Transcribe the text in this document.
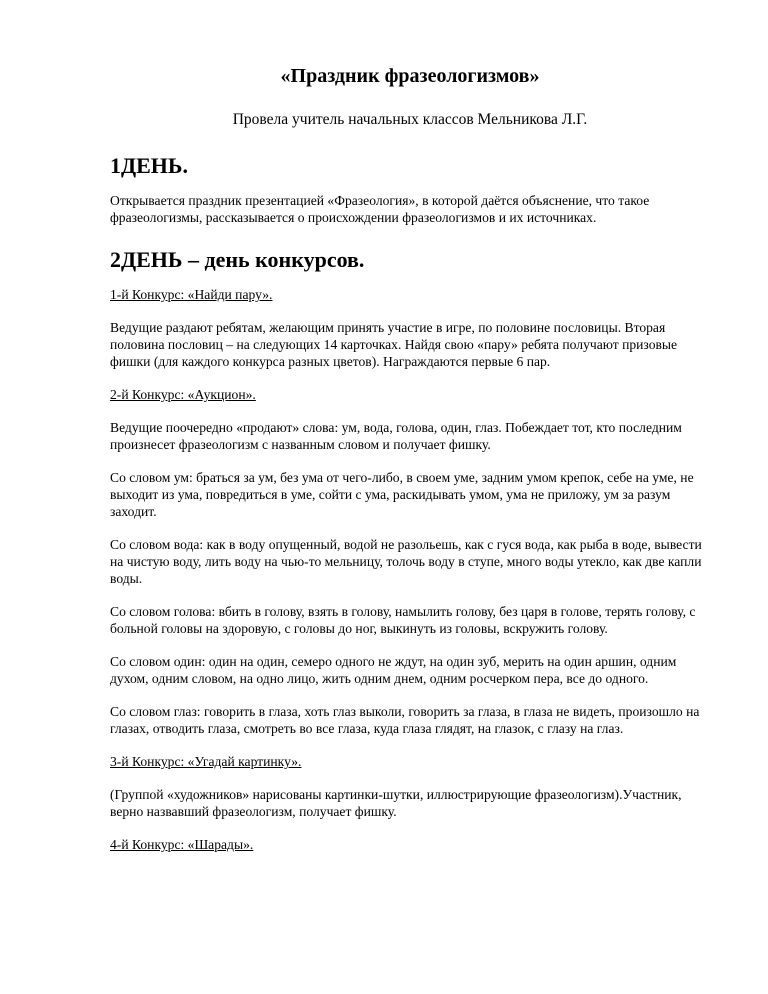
«Праздник фразеологизмов»
Провела учитель начальных классов Мельникова Л.Г.
1ДЕНЬ.

Открывается праздник презентацией «Фразеология», в которой даётся объяснение, что такое фразеологизмы, рассказывается о происхождении фразеологизмов и их источниках.

2ДЕНЬ – день конкурсов.

1-й Конкурс: «Найди пару».

Ведущие раздают ребятам, желающим принять участие в игре, по половине пословицы. Вторая половина пословиц – на следующих 14 карточках. Найдя свою «пару» ребята получают призовые фишки (для каждого конкурса разных цветов). Награждаются первые 6 пар.

2-й Конкурс: «Аукцион».

Ведущие поочередно «продают» слова: ум, вода, голова, один, глаз. Побеждает тот, кто последним произнесет фразеологизм с названным словом и получает фишку.

Со словом ум: браться за ум, без ума от чего-либо, в своем уме, задним умом крепок, себе на уме, не выходит из ума, повредиться в уме, сойти с ума, раскидывать умом, ума не приложу, ум за разум заходит.

Со словом вода: как в воду опущенный, водой не разольешь, как с гуся вода, как рыба в воде, вывести на чистую воду, лить воду на чью-то мельницу, толочь воду в ступе, много воды утекло, как две капли воды.

Со словом голова: вбить в голову, взять в голову, намылить голову, без царя в голове, терять голову, с больной головы на здоровую, с головы до ног, выкинуть из головы, вскружить голову.

Со словом один: один на один, семеро одного не ждут, на один зуб, мерить на один аршин, одним духом, одним словом, на одно лицо, жить одним днем, одним росчерком пера, все до одного.

Со словом глаз: говорить в глаза, хоть глаз выколи, говорить за глаза, в глаза не видеть, произошло на глазах, отводить глаза, смотреть во все глаза, куда глаза глядят, на глазок, с глазу на глаз.

3-й Конкурс: «Угадай картинку».

(Группой «художников» нарисованы картинки-шутки, иллюстрирующие фразеологизм).Участник, верно назвавший фразеологизм, получает фишку.

4-й Конкурс: «Шарады».
